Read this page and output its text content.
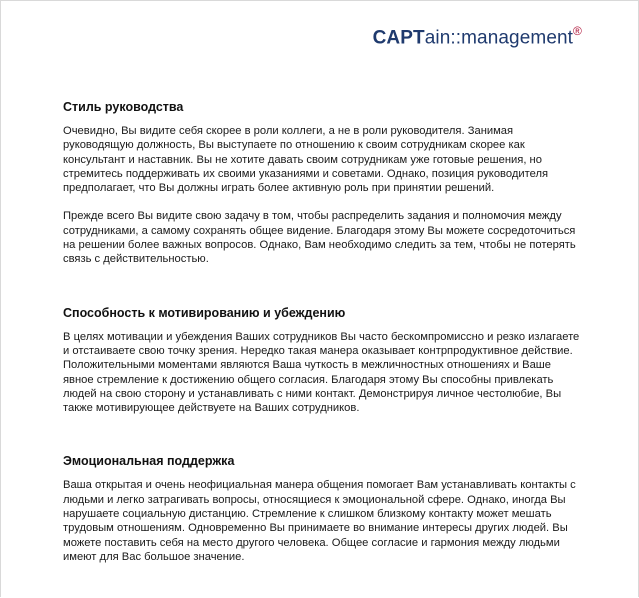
CAPTain::management®
Стиль руководства

Очевидно, Вы видите себя скорее в роли коллеги, а не в роли руководителя. Занимая руководящую должность, Вы выступаете по отношению к своим сотрудникам скорее как консультант и наставник. Вы не хотите давать своим сотрудникам уже готовые решения, но стремитесь поддерживать их своими указаниями и советами. Однако, позиция руководителя предполагает, что Вы должны играть более активную роль при принятии решений.

Прежде всего Вы видите свою задачу в том, чтобы распределить задания и полномочия между сотрудниками, а самому сохранять общее видение. Благодаря этому Вы можете сосредоточиться на решении более важных вопросов. Однако, Вам необходимо следить за тем, чтобы не потерять связь с действительностью.

Способность к мотивированию и убеждению

В целях мотивации и убеждения Ваших сотрудников Вы часто бескомпромиссно и резко излагаете и отстаиваете свою точку зрения. Нередко такая манера оказывает контрпродуктивное действие. Положительными моментами являются Ваша чуткость в межличностных отношениях и Ваше явное стремление к достижению общего согласия. Благодаря этому Вы способны привлекать людей на свою сторону и устанавливать с ними контакт. Демонстрируя личное честолюбие, Вы также мотивирующее действуете на Ваших сотрудников.

Эмоциональная поддержка

Ваша открытая и очень неофициальная манера общения помогает Вам устанавливать контакты с людьми и легко затрагивать вопросы, относящиеся к эмоциональной сфере. Однако, иногда Вы нарушаете социальную дистанцию. Стремление к слишком близкому контакту может мешать трудовым отношениям. Одновременно Вы принимаете во внимание интересы других людей. Вы можете поставить себя на место другого человека. Общее согласие и гармония между людьми имеют для Вас большое значение.
